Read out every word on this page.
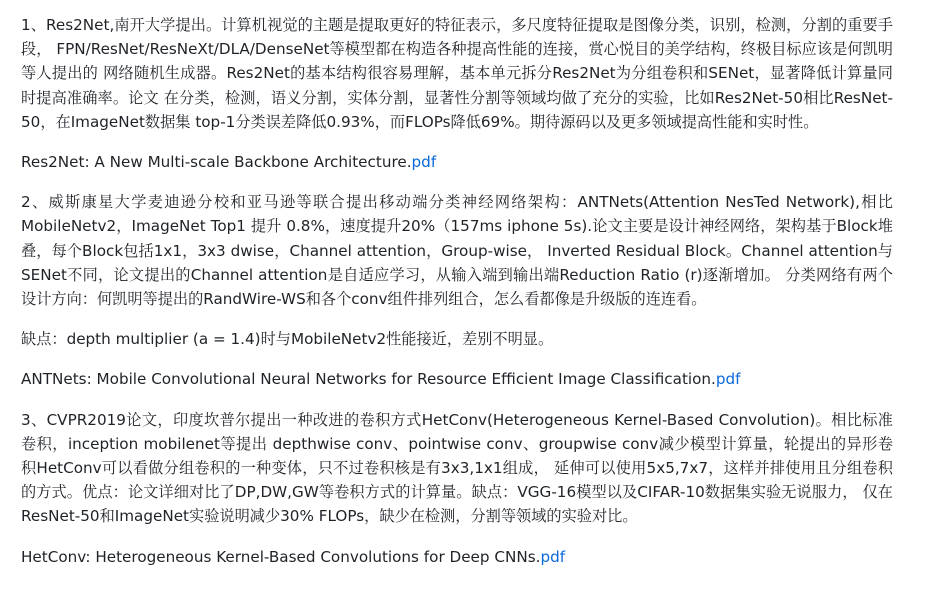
1、Res2Net,南开大学提出。计算机视觉的主题是提取更好的特征表示，多尺度特征提取是图像分类，识别，检测，分割的重要手段， FPN/ResNet/ResNeXt/DLA/DenseNet等模型都在构造各种提高性能的连接，赏心悦目的美学结构，终极目标应该是何凯明等人提出的 网络随机生成器。Res2Net的基本结构很容易理解，基本单元拆分Res2Net为分组卷积和SENet，显著降低计算量同时提高准确率。论文 在分类，检测，语义分割，实体分割，显著性分割等领域均做了充分的实验，比如Res2Net-50相比ResNet-50，在ImageNet数据集 top-1分类误差降低0.93%，而FLOPs降低69%。期待源码以及更多领域提高性能和实时性。

Res2Net: A New Multi-scale Backbone Architecture.pdf

2、威斯康星大学麦迪逊分校和亚马逊等联合提出移动端分类神经网络架构：ANTNets(Attention NesTed Network),相比MobileNetv2，ImageNet Top1 提升 0.8%，速度提升20%（157ms iphone 5s).论文主要是设计神经网络，架构基于Block堆叠，每个Block包括1x1，3x3 dwise，Channel attention，Group-wise， Inverted Residual Block。Channel attention与SENet不同，论文提出的Channel attention是自适应学习，从输入端到输出端Reduction Ratio (r)逐渐增加。 分类网络有两个设计方向：何凯明等提出的RandWire-WS和各个conv组件排列组合，怎么看都像是升级版的连连看。

缺点：depth multiplier (a = 1.4)时与MobileNetv2性能接近，差别不明显。

ANTNets: Mobile Convolutional Neural Networks for Resource Efficient Image Classification.pdf

3、CVPR2019论文，印度坎普尔提出一种改进的卷积方式HetConv(Heterogeneous Kernel-Based Convolution)。相比标准卷积，inception mobilenet等提出 depthwise conv、pointwise conv、groupwise conv减少模型计算量，轮提出的异形卷积HetConv可以看做分组卷积的一种变体，只不过卷积核是有3x3,1x1组成， 延伸可以使用5x5,7x7，这样并排使用且分组卷积的方式。优点：论文详细对比了DP,DW,GW等卷积方式的计算量。缺点：VGG-16模型以及CIFAR-10数据集实验无说服力， 仅在ResNet-50和ImageNet实验说明减少30% FLOPs，缺少在检测，分割等领域的实验对比。

HetConv: Heterogeneous Kernel-Based Convolutions for Deep CNNs.pdf
